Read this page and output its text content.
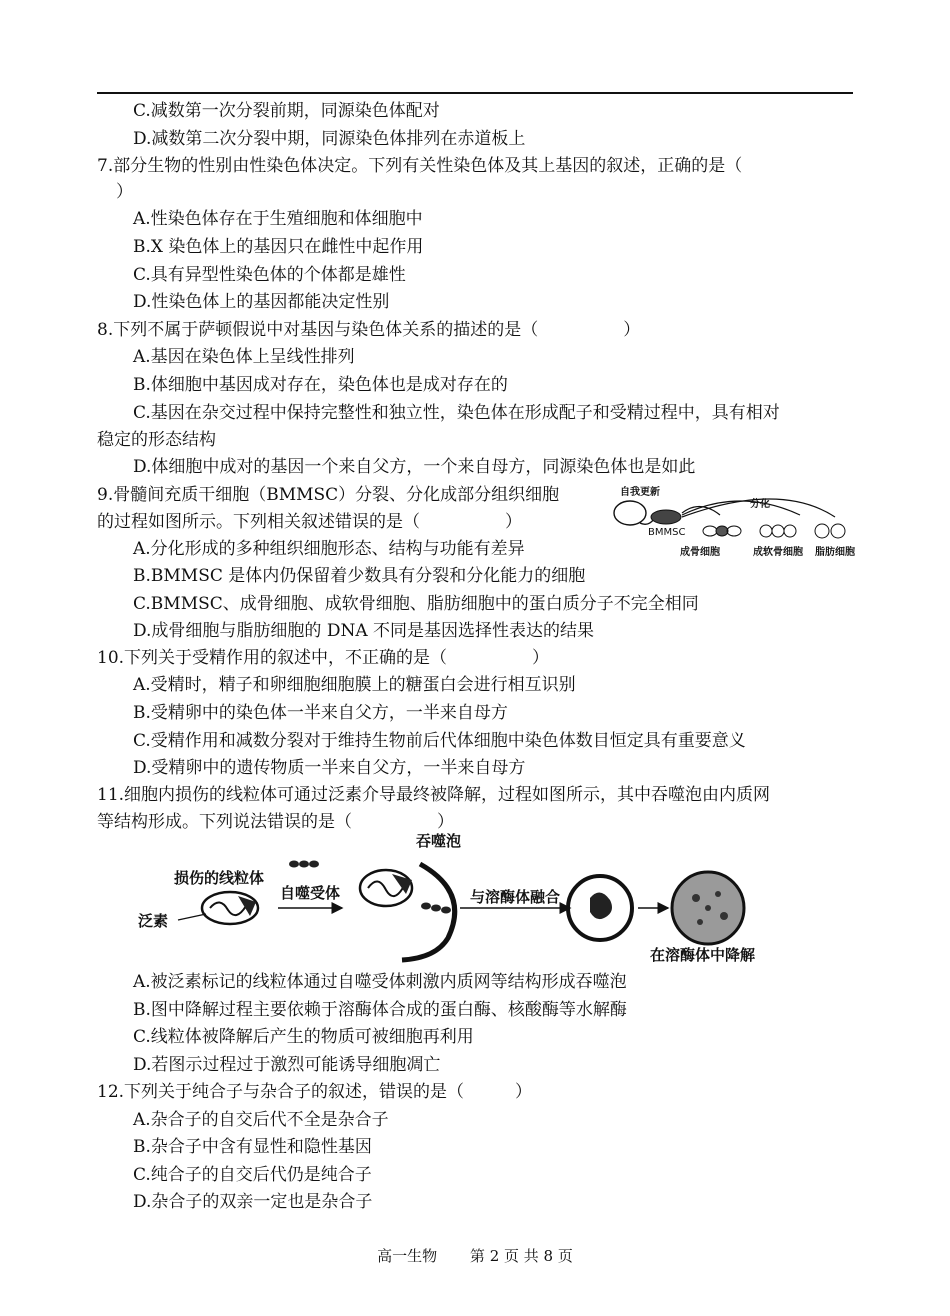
C.减数第一次分裂前期，同源染色体配对
D.减数第二次分裂中期，同源染色体排列在赤道板上
7.部分生物的性别由性染色体决定。下列有关性染色体及其上基因的叙述，正确的是（
）
A.性染色体存在于生殖细胞和体细胞中
B.X 染色体上的基因只在雌性中起作用
C.具有异型性染色体的个体都是雄性
D.性染色体上的基因都能决定性别
8.下列不属于萨顿假说中对基因与染色体关系的描述的是（　　　　　）
A.基因在染色体上呈线性排列
B.体细胞中基因成对存在，染色体也是成对存在的
C.基因在杂交过程中保持完整性和独立性，染色体在形成配子和受精过程中，具有相对
稳定的形态结构
D.体细胞中成对的基因一个来自父方，一个来自母方，同源染色体也是如此
9.骨髓间充质干细胞（BMMSC）分裂、分化成部分组织细胞
的过程如图所示。下列相关叙述错误的是（　　　　　）
A.分化形成的多种组织细胞形态、结构与功能有差异
B.BMMSC 是体内仍保留着少数具有分裂和分化能力的细胞
C.BMMSC、成骨细胞、成软骨细胞、脂肪细胞中的蛋白质分子不完全相同
D.成骨细胞与脂肪细胞的 DNA 不同是基因选择性表达的结果
自我更新
BMMSC
分化
成骨细胞	成软骨细胞 脂肪细胞
10.下列关于受精作用的叙述中，不正确的是（　　　　　）
A.受精时，精子和卵细胞细胞膜上的糖蛋白会进行相互识别
B.受精卵中的染色体一半来自父方，一半来自母方
C.受精作用和减数分裂对于维持生物前后代体细胞中染色体数目恒定具有重要意义
D.受精卵中的遗传物质一半来自父方，一半来自母方
11.细胞内损伤的线粒体可通过泛素介导最终被降解，过程如图所示，其中吞噬泡由内质网
等结构形成。下列说法错误的是（　　　　　）
损伤的线粒体
泛素
自噬受体
吞噬泡
与溶酶体融合
在溶酶体中降解
A.被泛素标记的线粒体通过自噬受体刺激内质网等结构形成吞噬泡
B.图中降解过程主要依赖于溶酶体合成的蛋白酶、核酸酶等水解酶
C.线粒体被降解后产生的物质可被细胞再利用
D.若图示过程过于激烈可能诱导细胞凋亡
12.下列关于纯合子与杂合子的叙述，错误的是（　　　）
A.杂合子的自交后代不全是杂合子
B.杂合子中含有显性和隐性基因
C.纯合子的自交后代仍是纯合子
D.杂合子的双亲一定也是杂合子
高一生物 第 2 页 共 8 页
